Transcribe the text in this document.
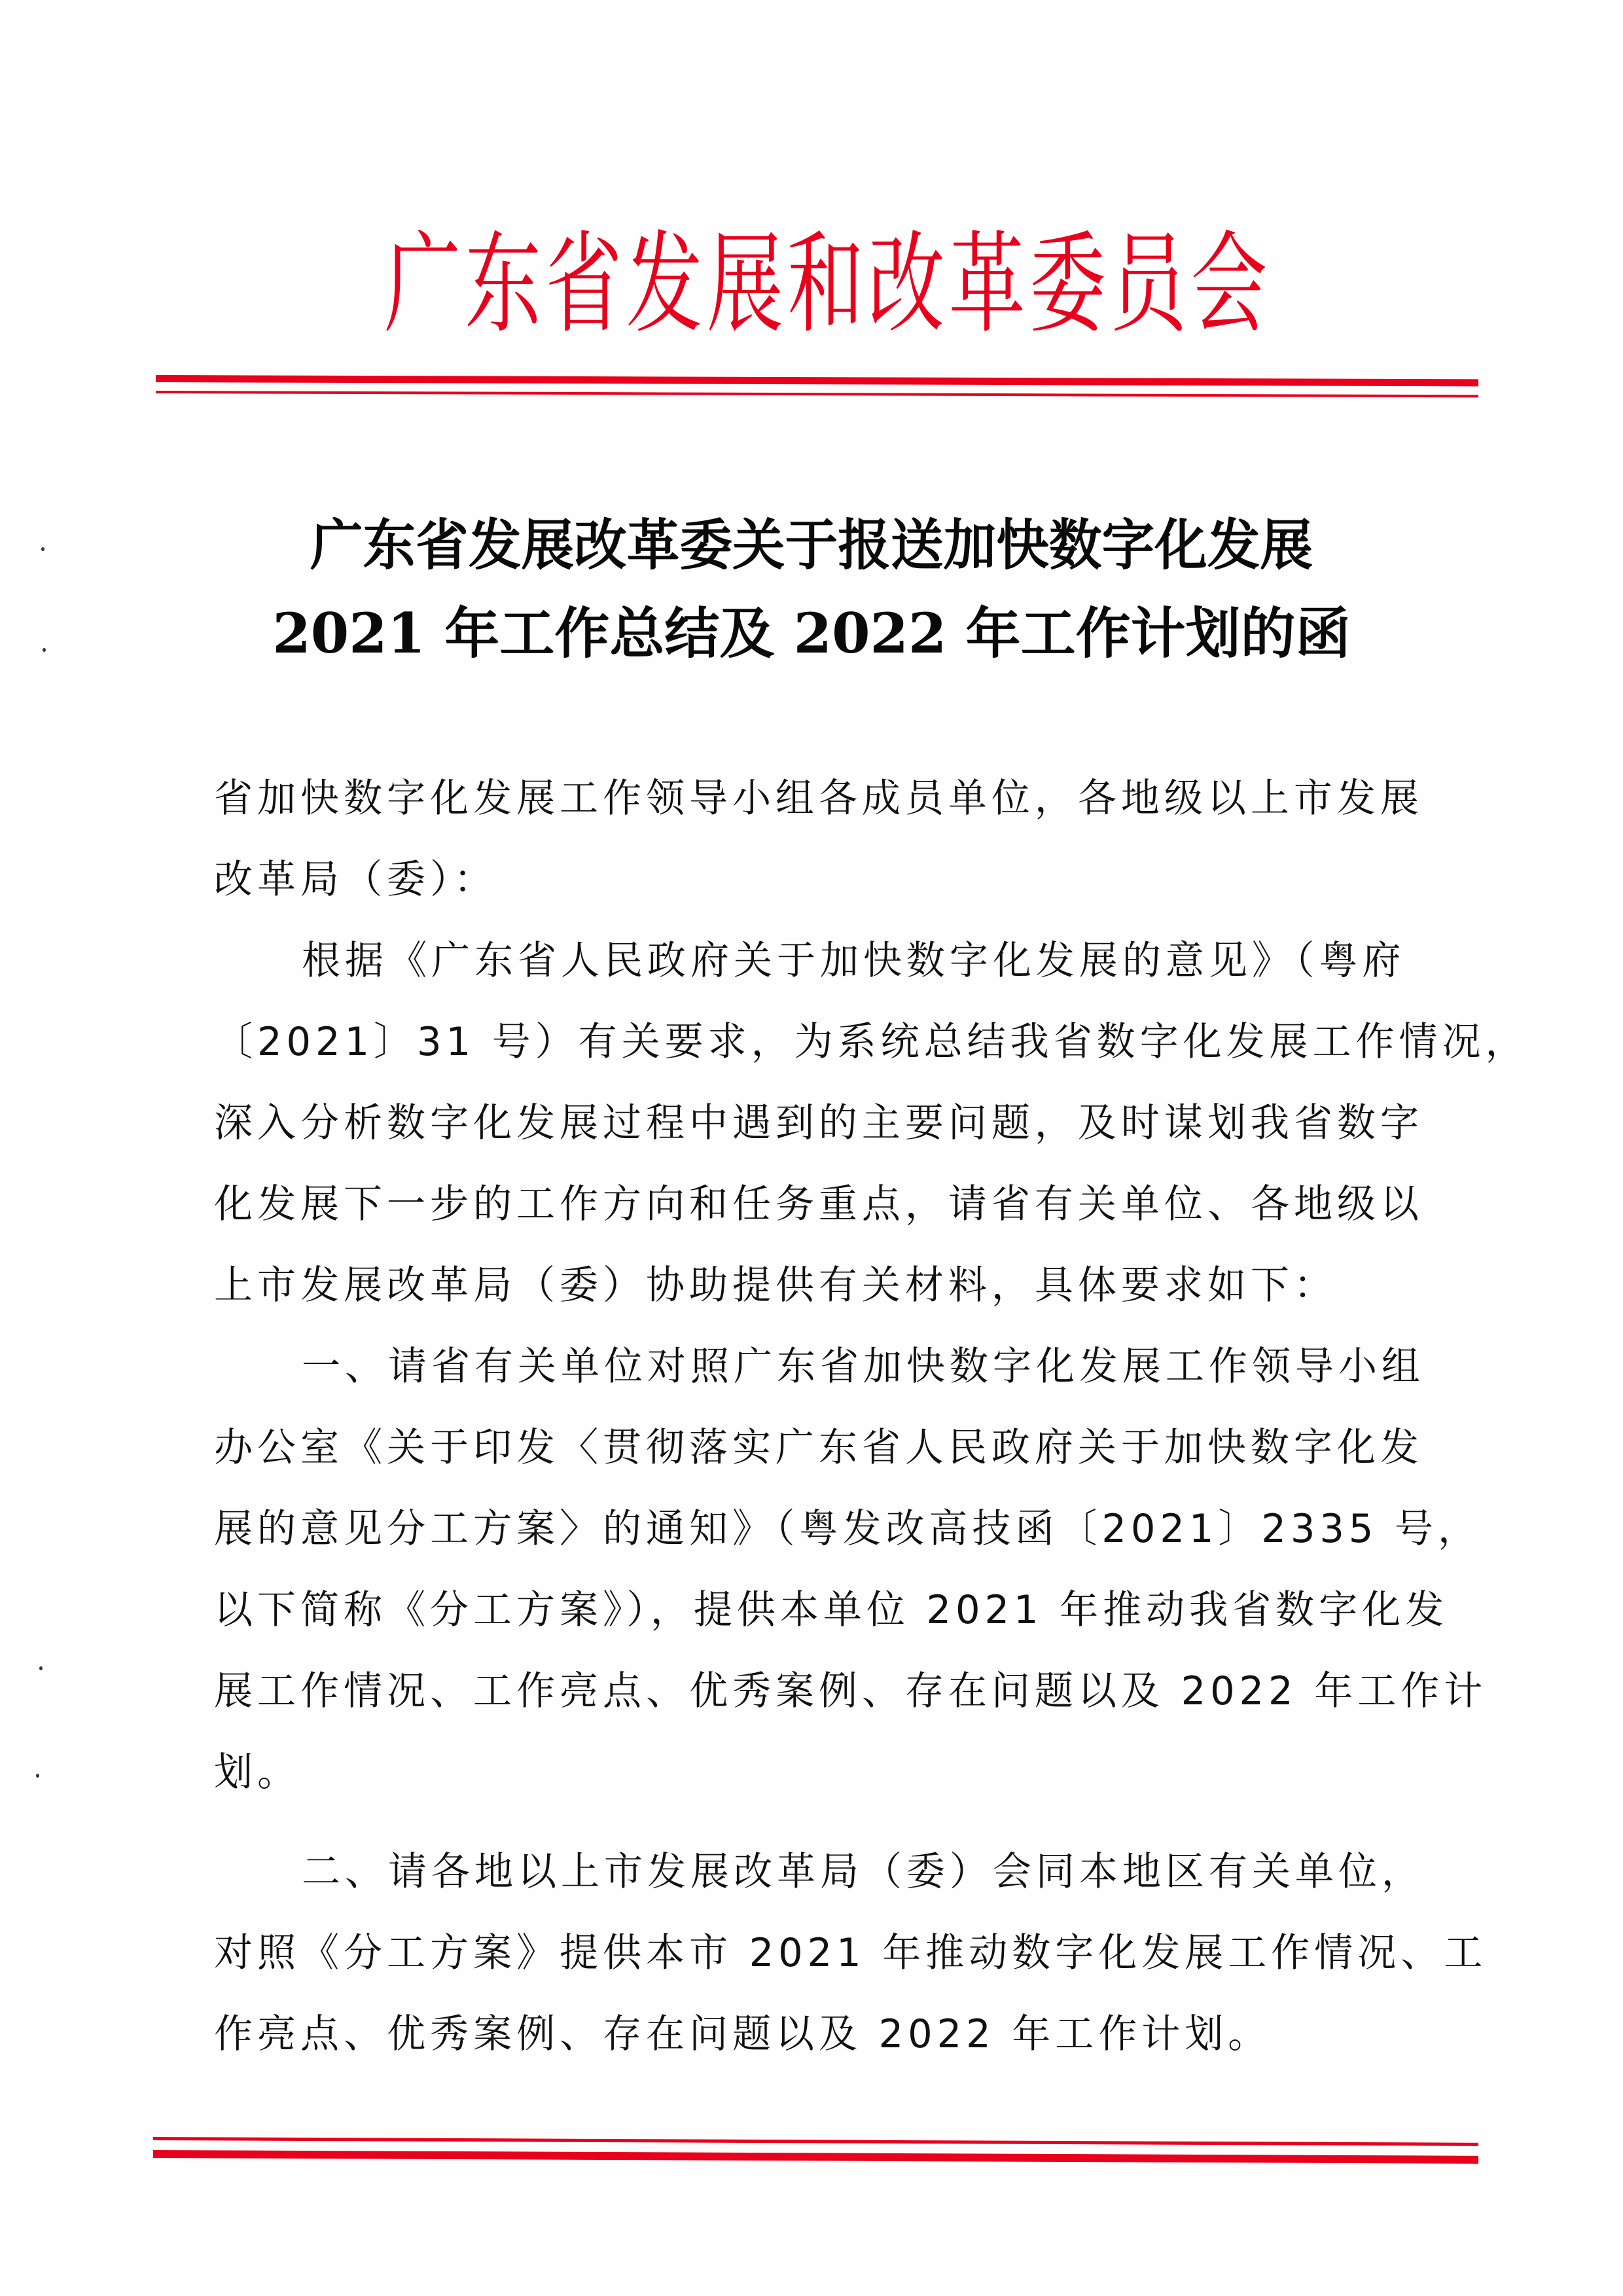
广东省发展和改革委员会
广东省发展改革委关于报送加快数字化发展
2021 年工作总结及 2022 年工作计划的函
省加快数字化发展工作领导小组各成员单位，各地级以上市发展
改革局（委）：
根据《广东省人民政府关于加快数字化发展的意见》（粤府
〔2021〕31 号）有关要求，为系统总结我省数字化发展工作情况，
深入分析数字化发展过程中遇到的主要问题，及时谋划我省数字
化发展下一步的工作方向和任务重点，请省有关单位、各地级以
上市发展改革局（委）协助提供有关材料，具体要求如下：
一、请省有关单位对照广东省加快数字化发展工作领导小组
办公室《关于印发〈贯彻落实广东省人民政府关于加快数字化发
展的意见分工方案〉的通知》（粤发改高技函〔2021〕2335 号，
以下简称《分工方案》），提供本单位 2021 年推动我省数字化发
展工作情况、工作亮点、优秀案例、存在问题以及 2022 年工作计
划。
二、请各地以上市发展改革局（委）会同本地区有关单位，
对照《分工方案》提供本市 2021 年推动数字化发展工作情况、工
作亮点、优秀案例、存在问题以及 2022 年工作计划。
